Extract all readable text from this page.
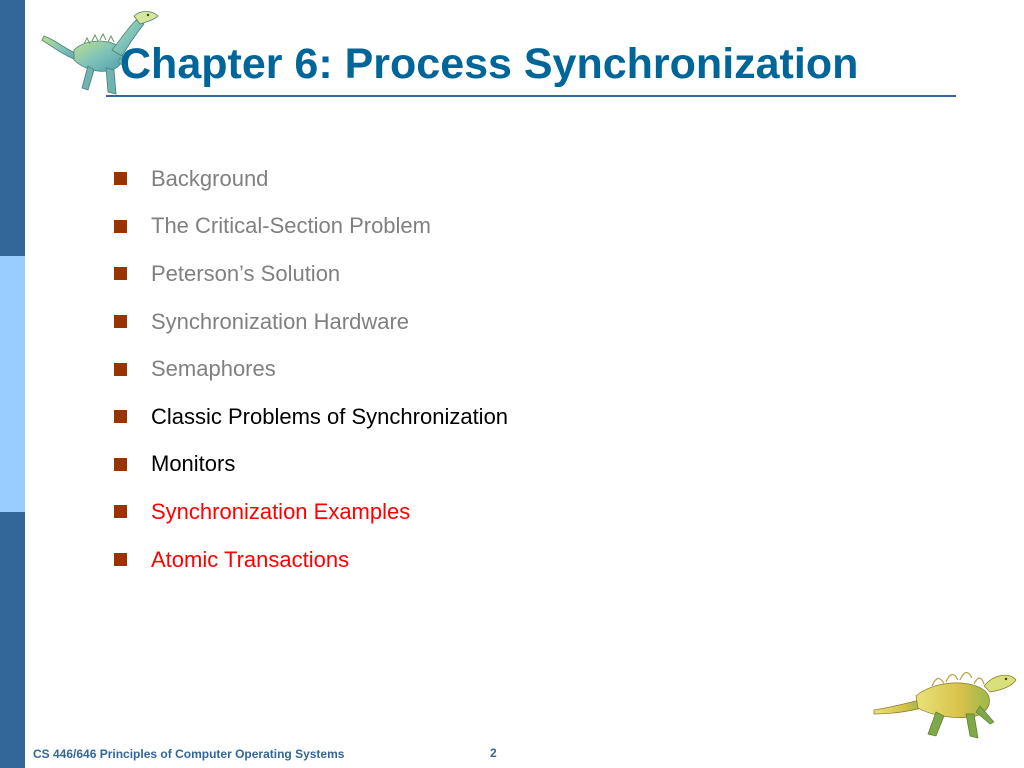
Chapter 6: Process Synchronization
Background
The Critical-Section Problem
Peterson’s Solution
Synchronization Hardware
Semaphores
Classic Problems of Synchronization
Monitors
Synchronization Examples
Atomic Transactions
CS 446/646 Principles of Computer Operating Systems	2
